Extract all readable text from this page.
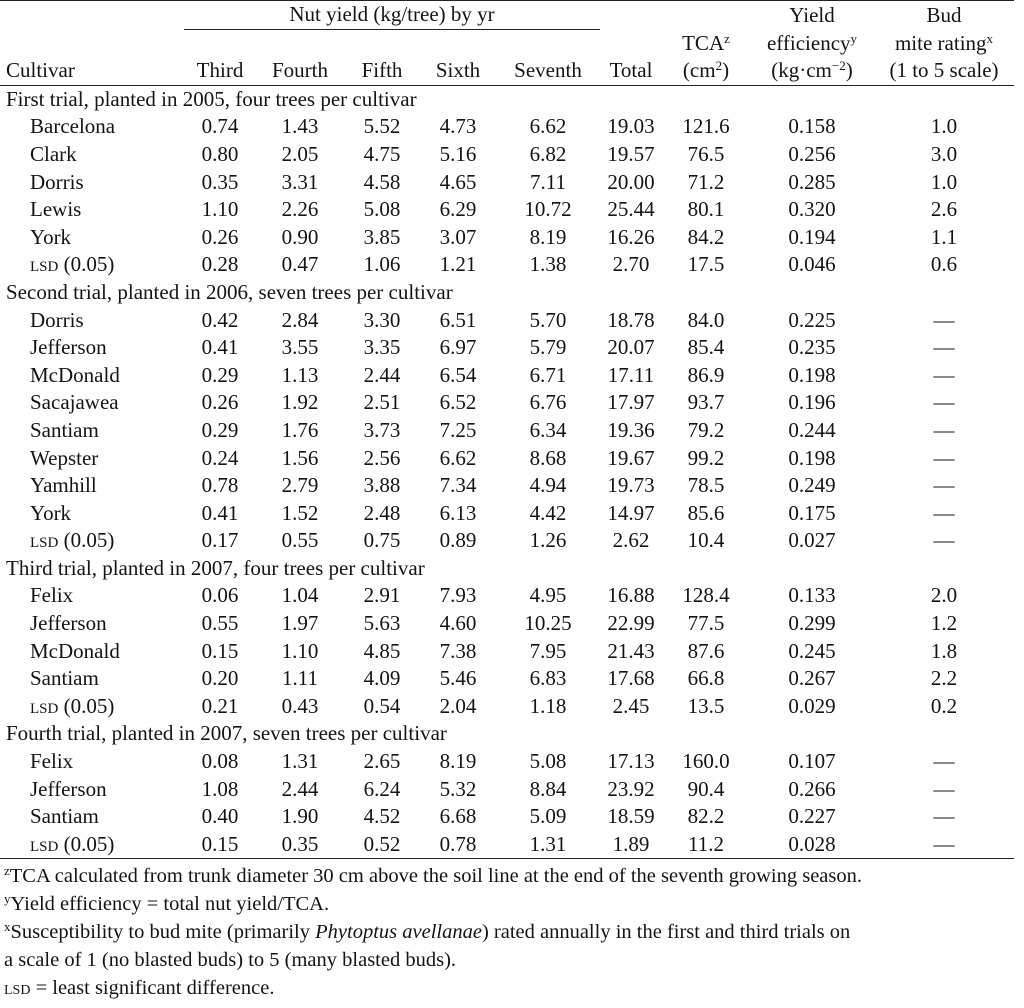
	Nut yield (kg/tree) by yr							Yield	Bud
							TCA$^z$	efficiency$^y$	mite rating$^x$
Cultivar	Third	Fourth	Fifth	Sixth	Seventh	Total	$(cm^2)$	$(kg\cdot cm^{-2})$	(1 to 5 scale)
First trial, planted in 2005, four trees per cultivar									
Barcelona	0.74	1.43	5.52	4.73	6.62	19.03	121.6	0.158	1.0
Clark	0.80	2.05	4.75	5.16	6.82	19.57	76.5	0.256	3.0
Dorris	0.35	3.31	4.58	4.65	7.11	20.00	71.2	0.285	1.0
Lewis	1.10	2.26	5.08	6.29	10.72	25.44	80.1	0.320	2.6
York	0.26	0.90	3.85	3.07	8.19	16.26	84.2	0.194	1.1
lsd (0.05)	0.28	0.47	1.06	1.21	1.38	2.70	17.5	0.046	0.6
Second trial, planted in 2006, seven trees per cultivar									
Dorris	0.42	2.84	3.30	6.51	5.70	18.78	84.0	0.225	—
Jefferson	0.41	3.55	3.35	6.97	5.79	20.07	85.4	0.235	—
McDonald	0.29	1.13	2.44	6.54	6.71	17.11	86.9	0.198	—
Sacajawea	0.26	1.92	2.51	6.52	6.76	17.97	93.7	0.196	—
Santiam	0.29	1.76	3.73	7.25	6.34	19.36	79.2	0.244	—
Wepster	0.24	1.56	2.56	6.62	8.68	19.67	99.2	0.198	—
Yamhill	0.78	2.79	3.88	7.34	4.94	19.73	78.5	0.249	—
York	0.41	1.52	2.48	6.13	4.42	14.97	85.6	0.175	—
lsd (0.05)	0.17	0.55	0.75	0.89	1.26	2.62	10.4	0.027	—
Third trial, planted in 2007, four trees per cultivar									
Felix	0.06	1.04	2.91	7.93	4.95	16.88	128.4	0.133	2.0
Jefferson	0.55	1.97	5.63	4.60	10.25	22.99	77.5	0.299	1.2
McDonald	0.15	1.10	4.85	7.38	7.95	21.43	87.6	0.245	1.8
Santiam	0.20	1.11	4.09	5.46	6.83	17.68	66.8	0.267	2.2
lsd (0.05)	0.21	0.43	0.54	2.04	1.18	2.45	13.5	0.029	0.2
Fourth trial, planted in 2007, seven trees per cultivar									
Felix	0.08	1.31	2.65	8.19	5.08	17.13	160.0	0.107	—
Jefferson	1.08	2.44	6.24	5.32	8.84	23.92	90.4	0.266	—
Santiam	0.40	1.90	4.52	6.68	5.09	18.59	82.2	0.227	—
lsd (0.05)	0.15	0.35	0.52	0.78	1.31	1.89	11.2	0.028	—
$^z$TCA calculated from trunk diameter 30 cm above the soil line at the end of the seventh growing season.
$^y$Yield efficiency = total nut yield/TCA.
$^x$Susceptibility to bud mite (primarily Phytoptus avellanae) rated annually in the first and third trials on
a scale of 1 (no blasted buds) to 5 (many blasted buds).
lsd = least significant difference.
